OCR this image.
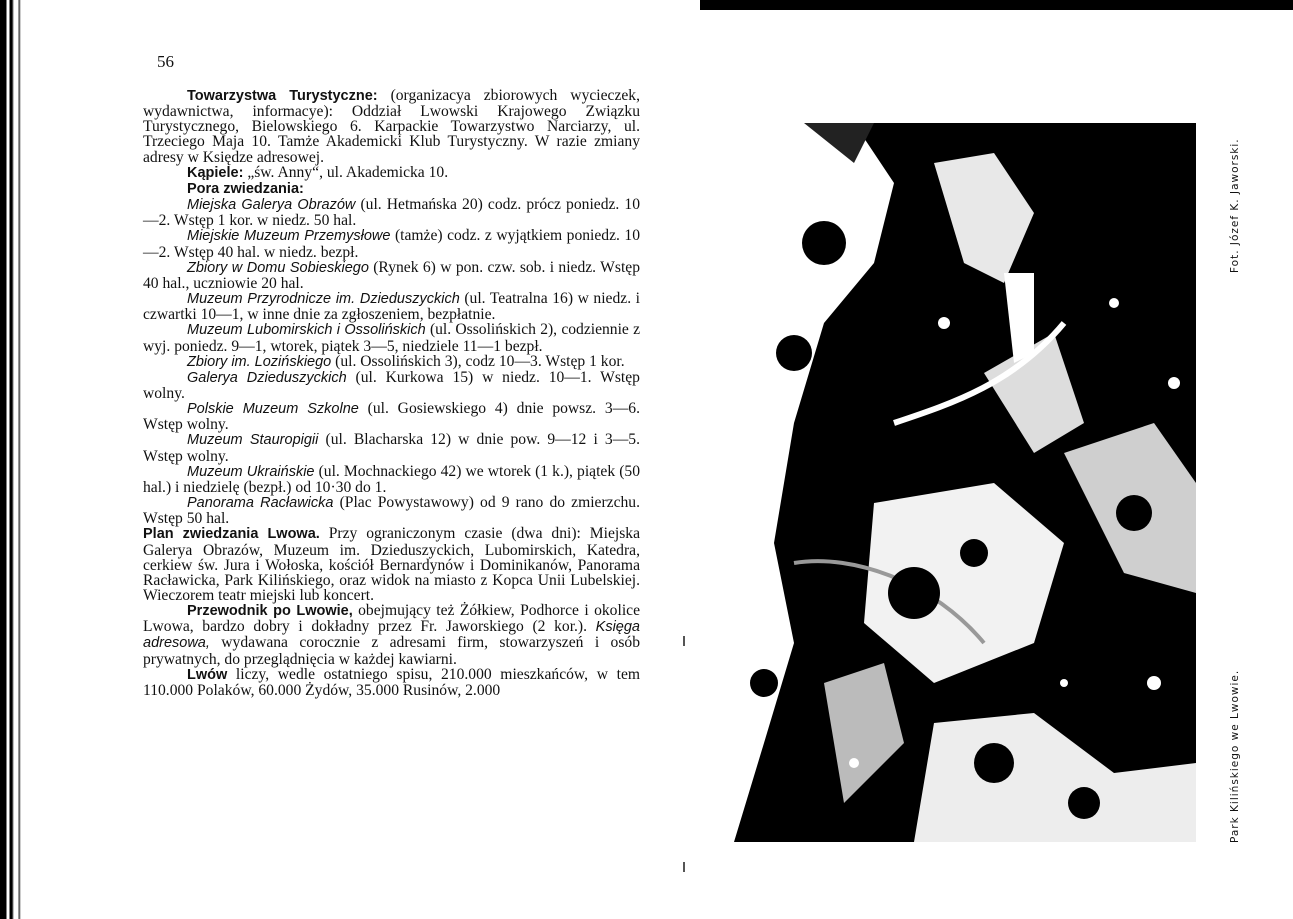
56

Towarzystwa Turystyczne: (organizacya zbiorowych wycieczek, wydawnictwa, informacye): Oddział Lwowski Krajowego Związku Turystycznego, Bielowskiego 6. Karpackie Towarzystwo Narciarzy, ul. Trzeciego Maja 10. Tamże Akademicki Klub Turystyczny. W razie zmiany adresy w Księdze adresowej.

Kąpiele: „św. Anny“, ul. Akademicka 10.

Pora zwiedzania:

Miejska Galerya Obrazów (ul. Hetmańska 20) codz. prócz poniedz. 10—2. Wstęp 1 kor. w niedz. 50 hal.

Miejskie Muzeum Przemysłowe (tamże) codz. z wyjątkiem poniedz. 10—2. Wstęp 40 hal. w niedz. bezpł.

Zbiory w Domu Sobieskiego (Rynek 6) w pon. czw. sob. i niedz. Wstęp 40 hal., uczniowie 20 hal.

Muzeum Przyrodnicze im. Dzieduszyckich (ul. Teatralna 16) w niedz. i czwartki 10—1, w inne dnie za zgłoszeniem, bezpłatnie.

Muzeum Lubomirskich i Ossolińskich (ul. Ossolińskich 2), codziennie z wyj. poniedz. 9—1, wtorek, piątek 3—5, niedziele 11—1 bezpł.

Zbiory im. Lozińskiego (ul. Ossolińskich 3), codz 10—3. Wstęp 1 kor.

Galerya Dzieduszyckich (ul. Kurkowa 15) w niedz. 10—1. Wstęp wolny.

Polskie Muzeum Szkolne (ul. Gosiewskiego 4) dnie powsz. 3—6. Wstęp wolny.

Muzeum Stauropigii (ul. Blacharska 12) w dnie pow. 9—12 i 3—5. Wstęp wolny.

Muzeum Ukraińskie (ul. Mochnackiego 42) we wtorek (1 k.), piątek (50 hal.) i niedzielę (bezpł.) od 10·30 do 1.

Panorama Racławicka (Plac Powystawowy) od 9 rano do zmierzchu. Wstęp 50 hal.

Plan zwiedzania Lwowa. Przy ograniczonym czasie (dwa dni): Miejska Galerya Obrazów, Muzeum im. Dzieduszyckich, Lubomirskich, Katedra, cerkiew św. Jura i Wołoska, kościół Bernardynów i Dominikanów, Panorama Racławicka, Park Kilińskiego, oraz widok na miasto z Kopca Unii Lubelskiej. Wieczorem teatr miejski lub koncert.

Przewodnik po Lwowie, obejmujący też Żółkiew, Podhorce i okolice Lwowa, bardzo dobry i dokładny przez Fr. Jaworskiego (2 kor.). Księga adresowa, wydawana corocznie z adresami firm, stowarzyszeń i osób prywatnych, do przeglądnięcia w każdej kawiarni.

Lwów liczy, wedle ostatniego spisu, 210.000 mieszkańców, w tem 110.000 Polaków, 60.000 Żydów, 35.000 Rusinów, 2.000

Fot. Józef K. Jaworski.
Park Kilińskiego we Lwowie.
